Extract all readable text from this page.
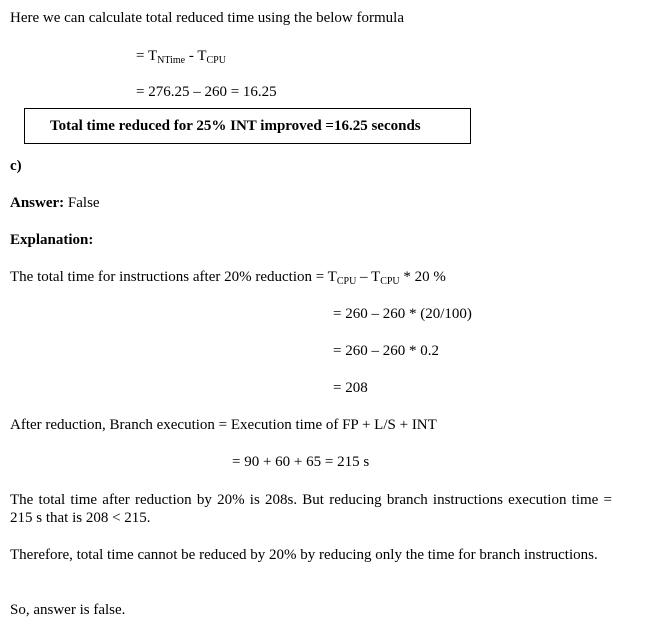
Here we can calculate total reduced time using the below formula
= $T_{NTime} - T_{CPU}$
= 276.25 – 260 = 16.25
Total time reduced for 25% INT improved =16.25 seconds
c)
Answer: False
Explanation:
The total time for instructions after 20% reduction = $T_{CPU} - T_{CPU} * 20$ %
= 260 – 260 * (20/100)
= 260 – 260 * 0.2
= 208
After reduction, Branch execution = Execution time of FP + L/S + INT
= 90 + 60 + 65 = 215 s
The total time after reduction by 20% is 208s. But reducing branch instructions execution time = 215 s that is 208 < 215.
Therefore, total time cannot be reduced by 20% by reducing only the time for branch instructions.
So, answer is false.
